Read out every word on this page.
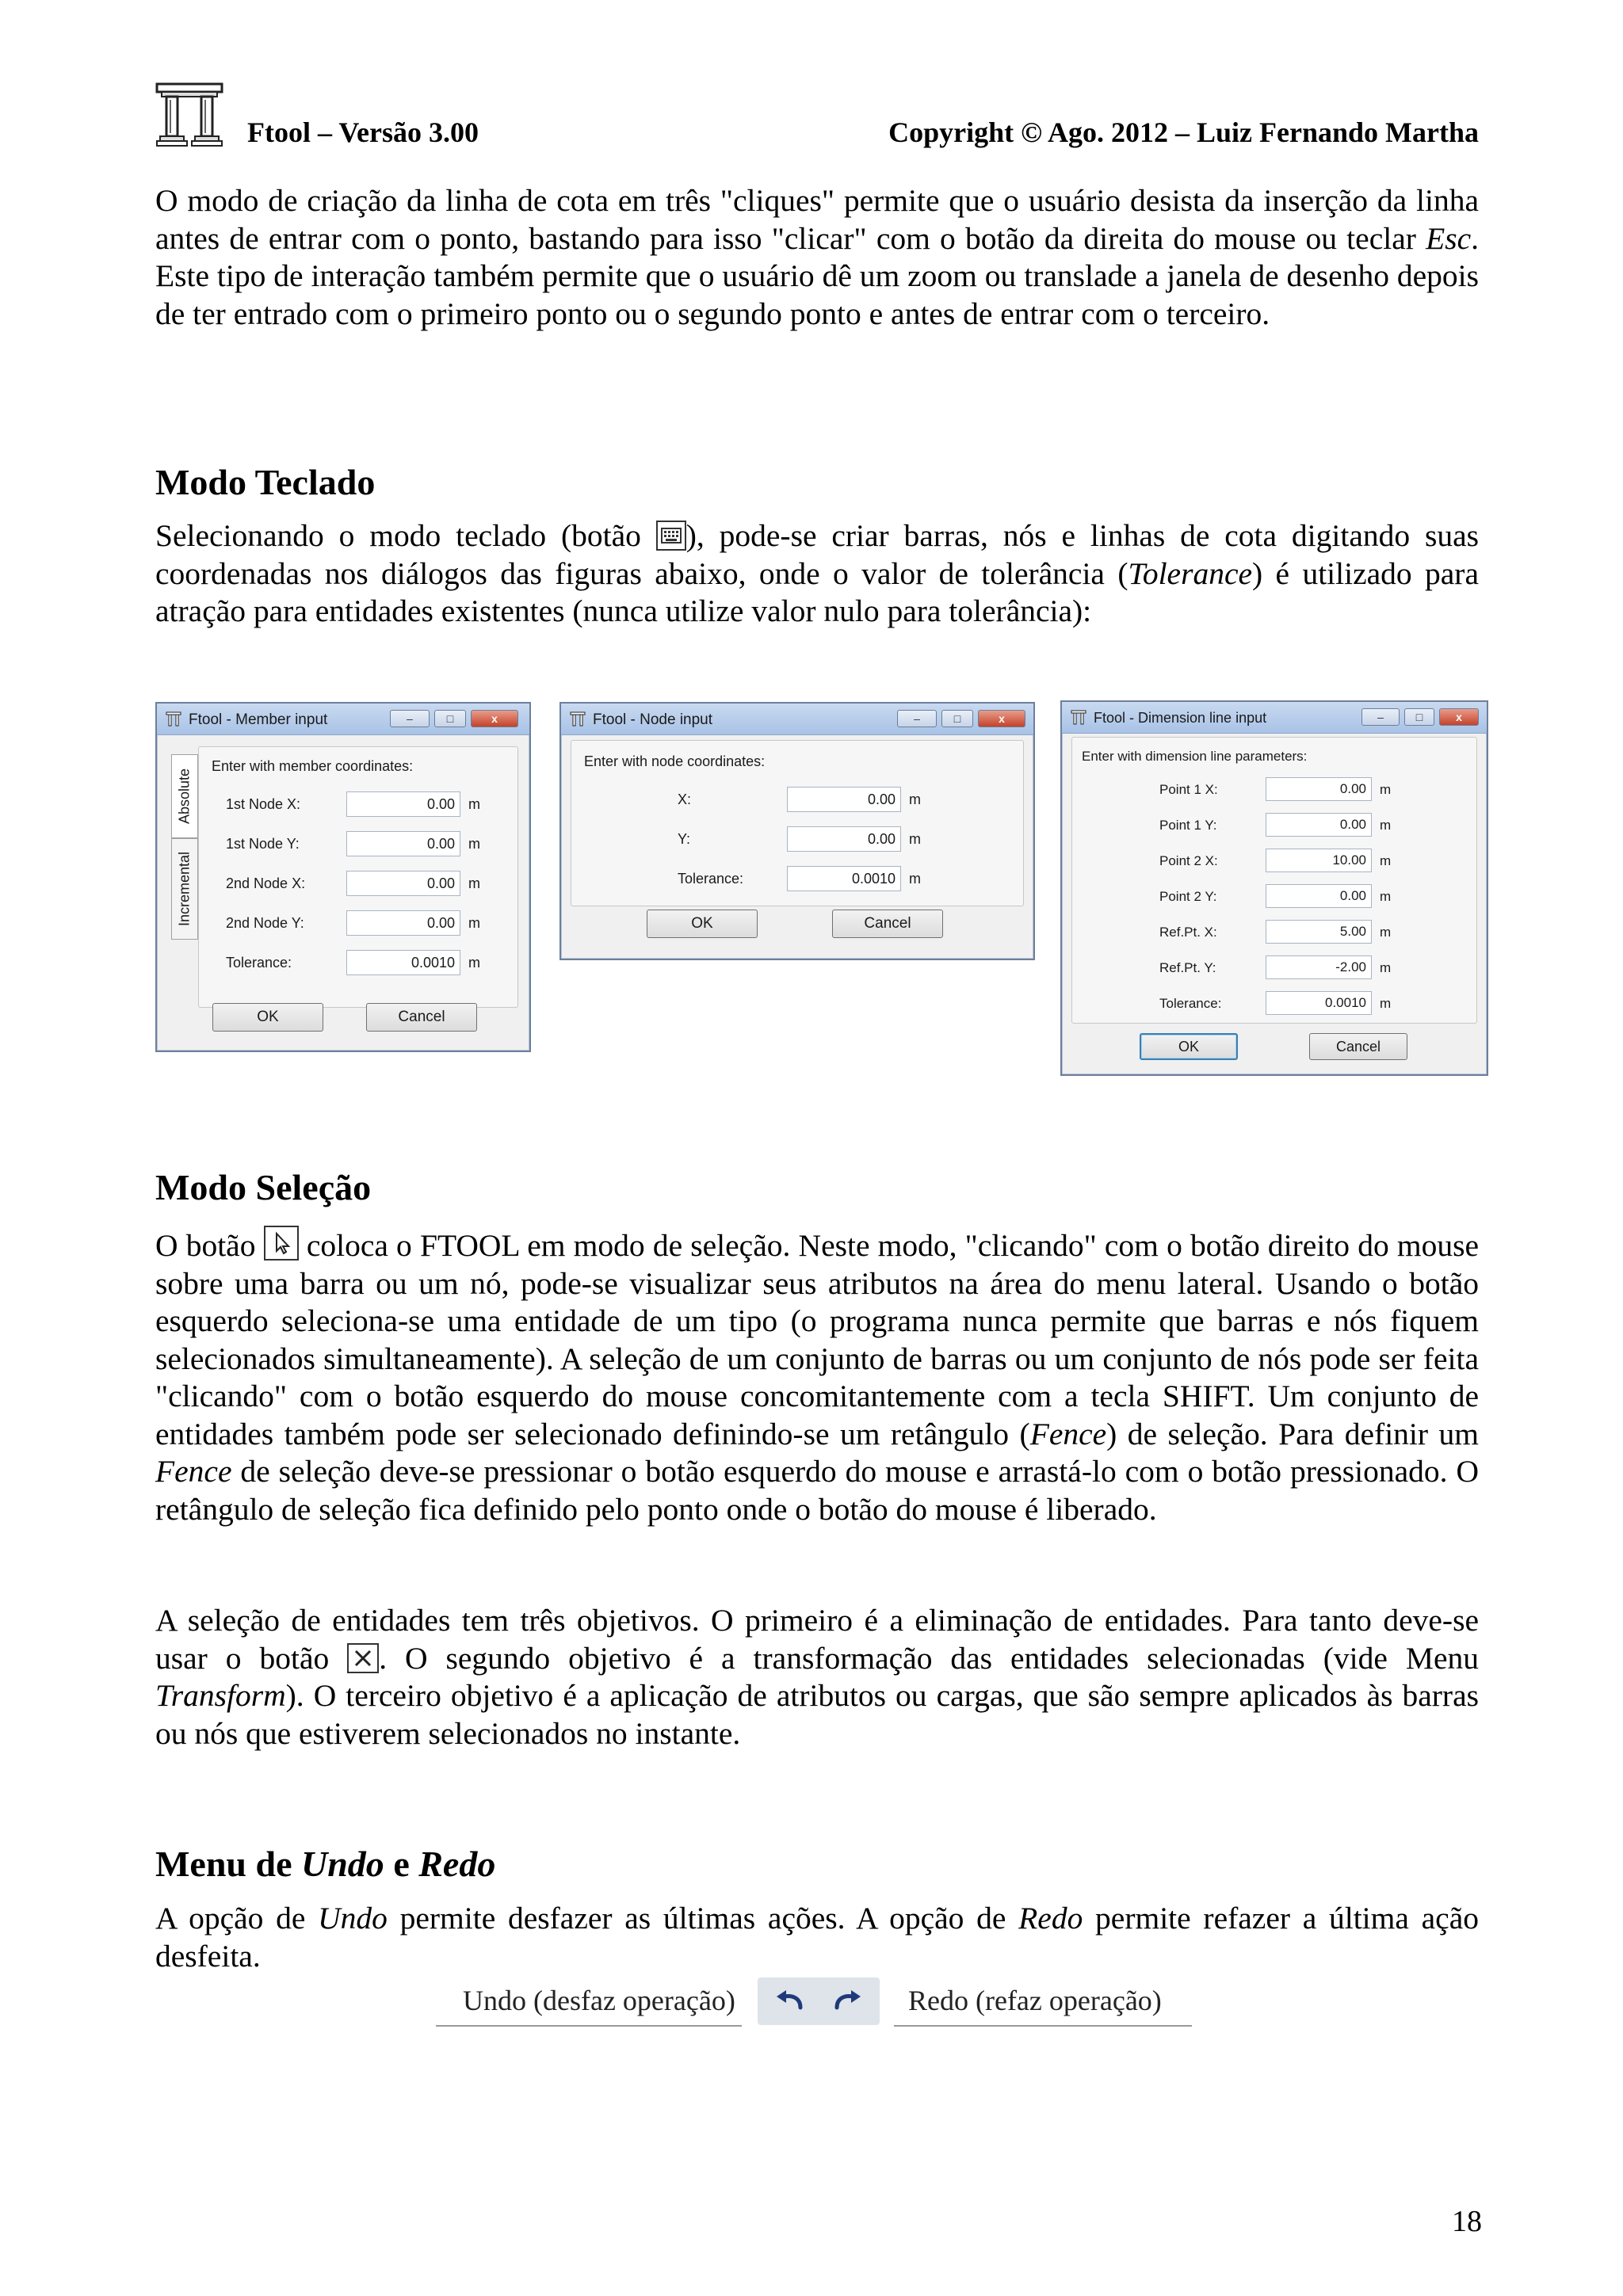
Ftool – Versão 3.00	Copyright © Ago. 2012 – Luiz Fernando Martha

O modo de criação da linha de cota em três "cliques" permite que o usuário desista da inserção da linha antes de entrar com o ponto, bastando para isso "clicar" com o botão da direita do mouse ou teclar Esc. Este tipo de interação também permite que o usuário dê um zoom ou translade a janela de desenho depois de ter entrado com o primeiro ponto ou o segundo ponto e antes de entrar com o terceiro.

Modo Teclado

Selecionando o modo teclado (botão
), pode-se criar barras, nós e linhas de cota digitando suas coordenadas nos diálogos das figuras abaixo, onde o valor de tolerância (Tolerance) é utilizado para atração para entidades existentes (nunca utilize valor nulo para tolerância):

Ftool - Member input	–	□	x
Absolute
Incremental
Enter with member coordinates:
1st Node X:	0.00 m
1st Node Y:	0.00 m
2nd Node X:	0.00 m
2nd Node Y:	0.00 m
Tolerance:	0.0010 m
OK	Cancel
Ftool - Node input	–	□	x
Enter with node coordinates:
X:	0.00 m
Y:	0.00 m
Tolerance:	0.0010 m
OK	Cancel
Ftool - Dimension line input	–	□	x
Enter with dimension line parameters:
Point 1 X:	0.00	m
Point 1 Y:	0.00	m
Point 2 X:	10.00	m
Point 2 Y:	0.00	m
Ref.Pt. X:	5.00	m
Ref.Pt. Y:	-2.00	m
Tolerance:	0.0010	m
OK	Cancel
Modo Seleção

O botão
coloca o FTOOL em modo de seleção. Neste modo, "clicando" com o botão direito do mouse sobre uma barra ou um nó, pode-se visualizar seus atributos na área do menu lateral. Usando o botão esquerdo seleciona-se uma entidade de um tipo (o programa nunca permite que barras e nós fiquem selecionados simultaneamente). A seleção de um conjunto de barras ou um conjunto de nós pode ser feita "clicando" com o botão esquerdo do mouse concomitantemente com a tecla SHIFT. Um conjunto de entidades também pode ser selecionado definindo-se um retângulo (Fence) de seleção. Para definir um Fence de seleção deve-se pressionar o botão esquerdo do mouse e arrastá-lo com o botão pressionado. O retângulo de seleção fica definido pelo ponto onde o botão do mouse é liberado.

A seleção de entidades tem três objetivos. O primeiro é a eliminação de entidades. Para tanto deve-se usar o botão
. O segundo objetivo é a transformação das entidades selecionadas (vide Menu Transform). O terceiro objetivo é a aplicação de atributos ou cargas, que são sempre aplicados às barras ou nós que estiverem selecionados no instante.

Menu de Undo e Redo

A opção de Undo permite desfazer as últimas ações. A opção de Redo permite refazer a última ação desfeita.

Undo (desfaz operação)	Redo (refaz operação)
18
